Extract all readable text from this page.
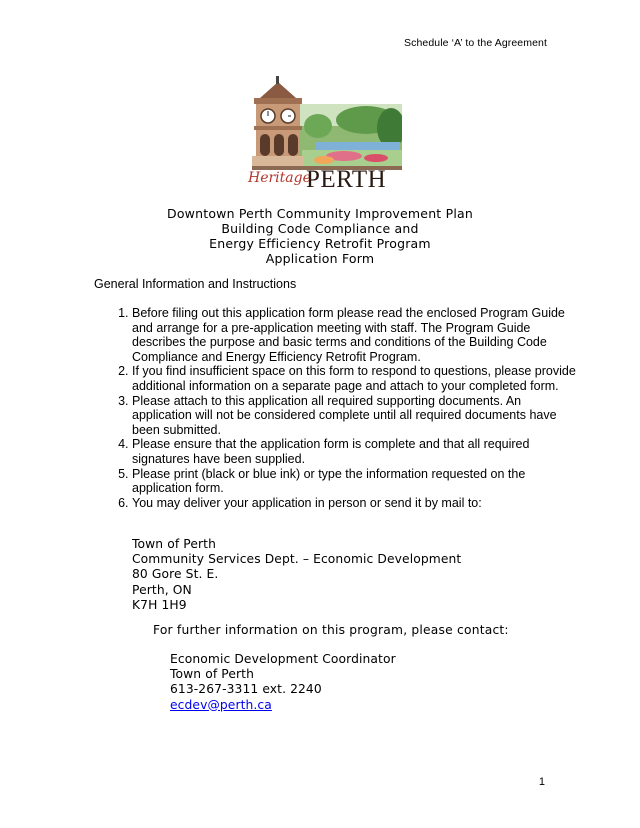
Schedule ‘A’ to the Agreement
Heritage
PERTH
Downtown Perth Community Improvement Plan
Building Code Compliance and
Energy Efficiency Retrofit Program
Application Form
General Information and Instructions
1. Before filing out this application form please read the enclosed Program Guide and arrange for a pre-application meeting with staff. The Program Guide describes the purpose and basic terms and conditions of the Building Code Compliance and Energy Efficiency Retrofit Program.
2. If you find insufficient space on this form to respond to questions, please provide additional information on a separate page and attach to your completed form.
3. Please attach to this application all required supporting documents. An application will not be considered complete until all required documents have been submitted.
4. Please ensure that the application form is complete and that all required signatures have been supplied.
5. Please print (black or blue ink) or type the information requested on the application form.
6. You may deliver your application in person or send it by mail to:
Town of Perth
Community Services Dept. – Economic Development
80 Gore St. E.
Perth, ON
K7H 1H9
For further information on this program, please contact:
Economic Development Coordinator
Town of Perth
613-267-3311 ext. 2240
ecdev@perth.ca
1
